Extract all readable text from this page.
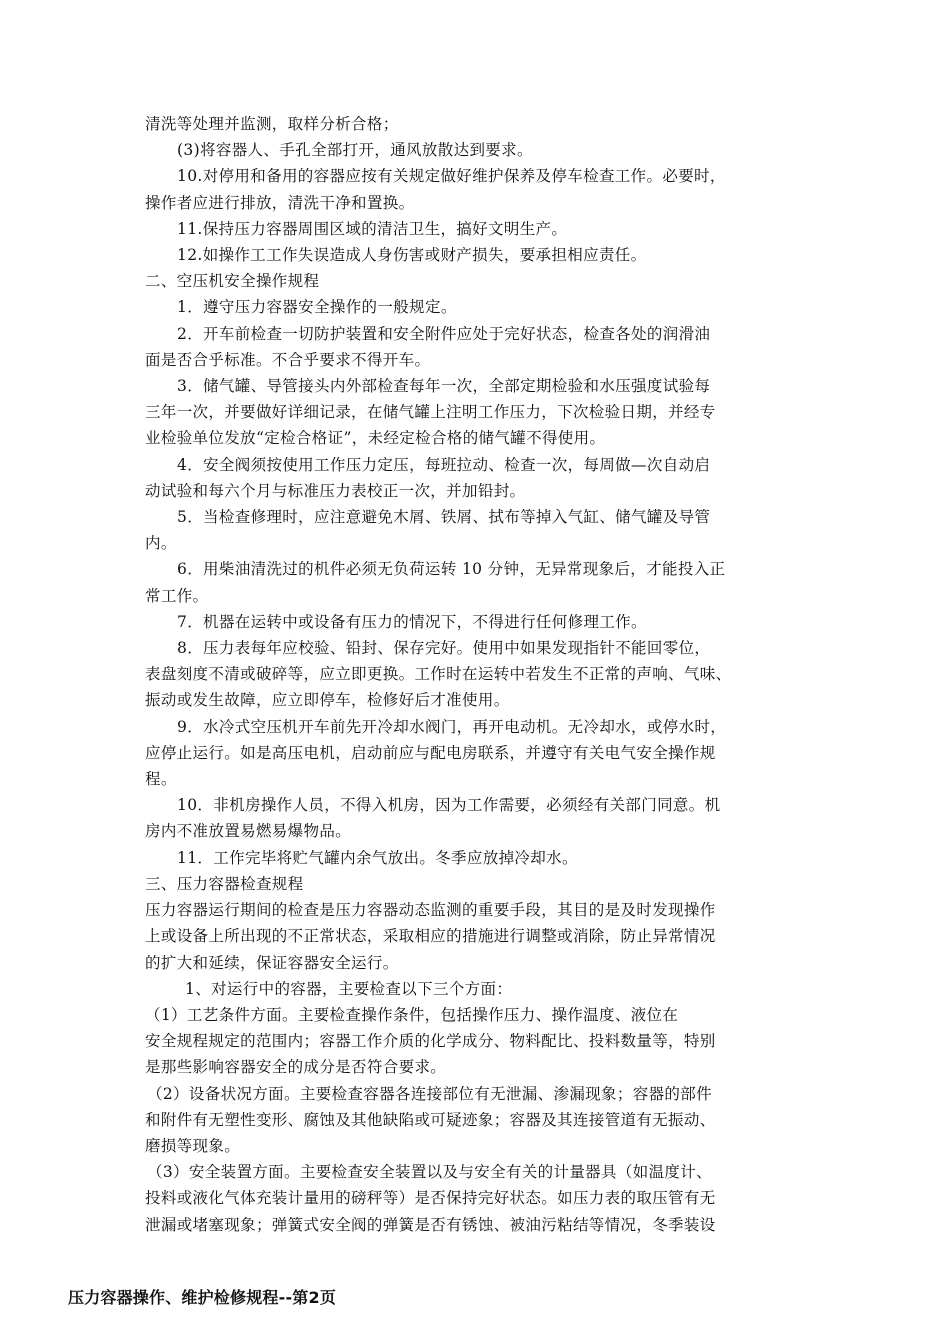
清洗等处理并监测，取样分析合格；
(3)将容器人、手孔全部打开，通风放散达到要求。
10.对停用和备用的容器应按有关规定做好维护保养及停车检查工作。必要时，
操作者应进行排放，清洗干净和置换。
11.保持压力容器周围区域的清洁卫生，搞好文明生产。
12.如操作工工作失误造成人身伤害或财产损失，要承担相应责任。
二、空压机安全操作规程
1．遵守压力容器安全操作的一般规定。
2．开车前检查一切防护装置和安全附件应处于完好状态，检查各处的润滑油
面是否合乎标准。不合乎要求不得开车。
3．储气罐、导管接头内外部检查每年一次，全部定期检验和水压强度试验每
三年一次，并要做好详细记录，在储气罐上注明工作压力，下次检验日期，并经专
业检验单位发放“定检合格证”，未经定检合格的储气罐不得使用。
4．安全阀须按使用工作压力定压，每班拉动、检查一次，每周做—次自动启
动试验和每六个月与标准压力表校正一次，并加铅封。
5．当检查修理时，应注意避免木屑、铁屑、拭布等掉入气缸、储气罐及导管
内。
6．用柴油清洗过的机件必须无负荷运转 10 分钟，无异常现象后，才能投入正
常工作。
7．机器在运转中或设备有压力的情况下，不得进行任何修理工作。
8．压力表每年应校验、铅封、保存完好。使用中如果发现指针不能回零位，
表盘刻度不清或破碎等，应立即更换。工作时在运转中若发生不正常的声响、气味、
振动或发生故障，应立即停车，检修好后才准使用。
9．水冷式空压机开车前先开冷却水阀门，再开电动机。无冷却水，或停水时，
应停止运行。如是高压电机，启动前应与配电房联系，并遵守有关电气安全操作规
程。
10．非机房操作人员，不得入机房，因为工作需要，必须经有关部门同意。机
房内不准放置易燃易爆物品。
11．工作完毕将贮气罐内余气放出。冬季应放掉冷却水。
三、压力容器检查规程
压力容器运行期间的检查是压力容器动态监测的重要手段，其目的是及时发现操作
上或设备上所出现的不正常状态，采取相应的措施进行调整或消除，防止异常情况
的扩大和延续，保证容器安全运行。
1、对运行中的容器，主要检查以下三个方面：
（1）工艺条件方面。主要检查操作条件，包括操作压力、操作温度、液位在
安全规程规定的范围内；容器工作介质的化学成分、物料配比、投料数量等，特别
是那些影响容器安全的成分是否符合要求。
（2）设备状况方面。主要检查容器各连接部位有无泄漏、渗漏现象；容器的部件
和附件有无塑性变形、腐蚀及其他缺陷或可疑迹象；容器及其连接管道有无振动、
磨损等现象。
（3）安全装置方面。主要检查安全装置以及与安全有关的计量器具（如温度计、
投料或液化气体充装计量用的磅秤等）是否保持完好状态。如压力表的取压管有无
泄漏或堵塞现象；弹簧式安全阀的弹簧是否有锈蚀、被油污粘结等情况，冬季装设
压力容器操作、维护检修规程--第2页
